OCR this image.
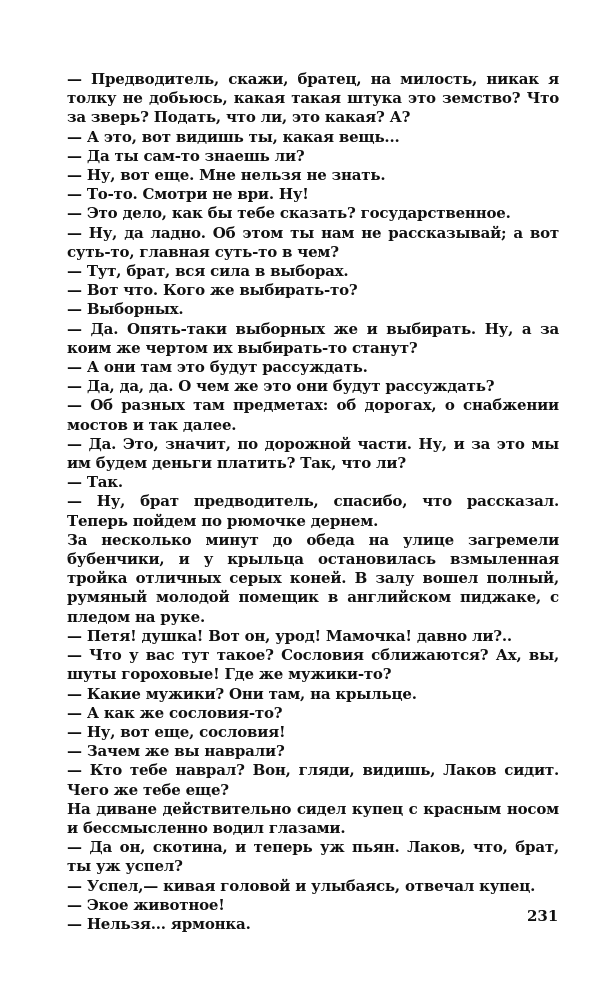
— Предводитель, скажи, братец, на милость, никак я толку не добьюсь, какая такая штука это земство? Что за зверь? Подать, что ли, это какая? А?

— А это, вот видишь ты, какая вещь...

— Да ты сам-то знаешь ли?

— Ну, вот еще. Мне нельзя не знать.

— То-то. Смотри не ври. Ну!

— Это дело, как бы тебе сказать? государственное.

— Ну, да ладно. Об этом ты нам не рассказывай; а вот суть-то, главная суть-то в чем?

— Тут, брат, вся сила в выборах.

— Вот что. Кого же выбирать-то?

— Выборных.

— Да. Опять-таки выборных же и выбирать. Ну, а за коим же чертом их выбирать-то станут?

— А они там это будут рассуждать.

— Да, да, да. О чем же это они будут рассуждать?

— Об разных там предметах: об дорогах, о снабжении мостов и так далее.

— Да. Это, значит, по дорожной части. Ну, и за это мы им будем деньги платить? Так, что ли?

— Так.

— Ну, брат предводитель, спасибо, что рассказал. Теперь пойдем по рюмочке дернем.

За несколько минут до обеда на улице загремели бубенчики, и у крыльца остановилась взмыленная тройка отличных серых коней. В залу вошел полный, румяный молодой помещик в английском пиджаке, с пледом на руке.

— Петя! душка! Вот он, урод! Мамочка! давно ли?..

— Что у вас тут такое? Сословия сближаются? Ах, вы, шуты гороховые! Где же мужики-то?

— Какие мужики? Они там, на крыльце.

— А как же сословия-то?

— Ну, вот еще, сословия!

— Зачем же вы наврали?

— Кто тебе наврал? Вон, гляди, видишь, Лаков сидит. Чего же тебе еще?

На диване действительно сидел купец с красным носом и бессмысленно водил глазами.

— Да он, скотина, и теперь уж пьян. Лаков, что, брат, ты уж успел?

— Успел,— кивая головой и улыбаясь, отвечал купец.

— Экое животное!

— Нельзя... ярмонка.	231
